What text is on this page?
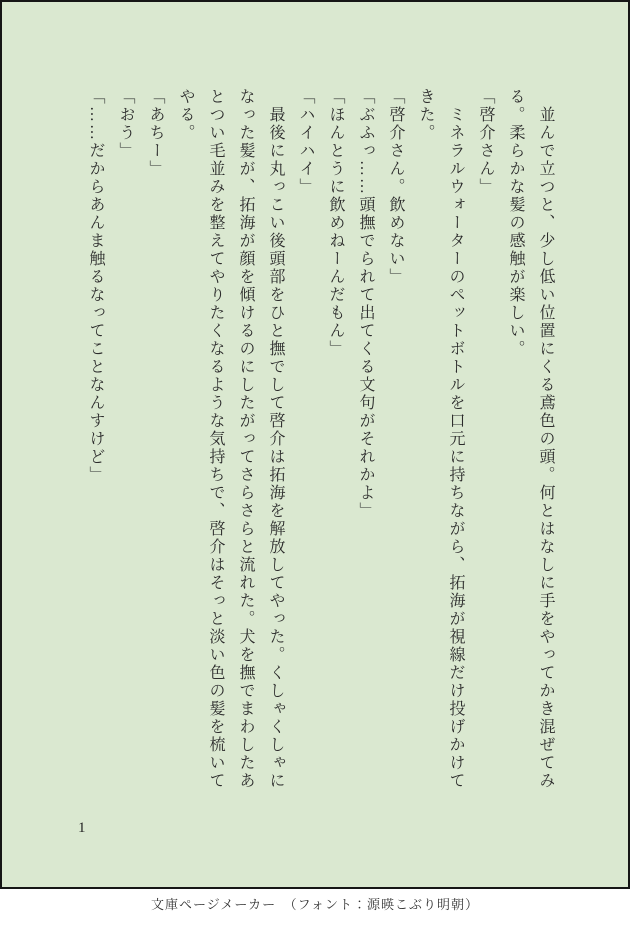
　並んで立つと、少し低い位置にくる鳶色の頭。何とはなしに手をやってかき混ぜてみ
る。柔らかな髪の感触が楽しい。
「啓介さん」
　ミネラルウォーターのペットボトルを口元に持ちながら、拓海が視線だけ投げかけて
きた。
「啓介さん。飲めない」
「ぶふっ……頭撫でられて出てくる文句がそれかよ」
「ほんとうに飲めねーんだもん」
「ハイハイ」
　最後に丸っこい後頭部をひと撫でして啓介は拓海を解放してやった。くしゃくしゃに
なった髪が、拓海が顔を傾けるのにしたがってさらさらと流れた。犬を撫でまわしたあ
とつい毛並みを整えてやりたくなるような気持ちで、啓介はそっと淡い色の髪を梳いて
やる。
「あちー」
「おう」
「……だからあんま触るなってことなんすけど」
1
文庫ページメーカー　（フォント：源暎こぶり明朝）
